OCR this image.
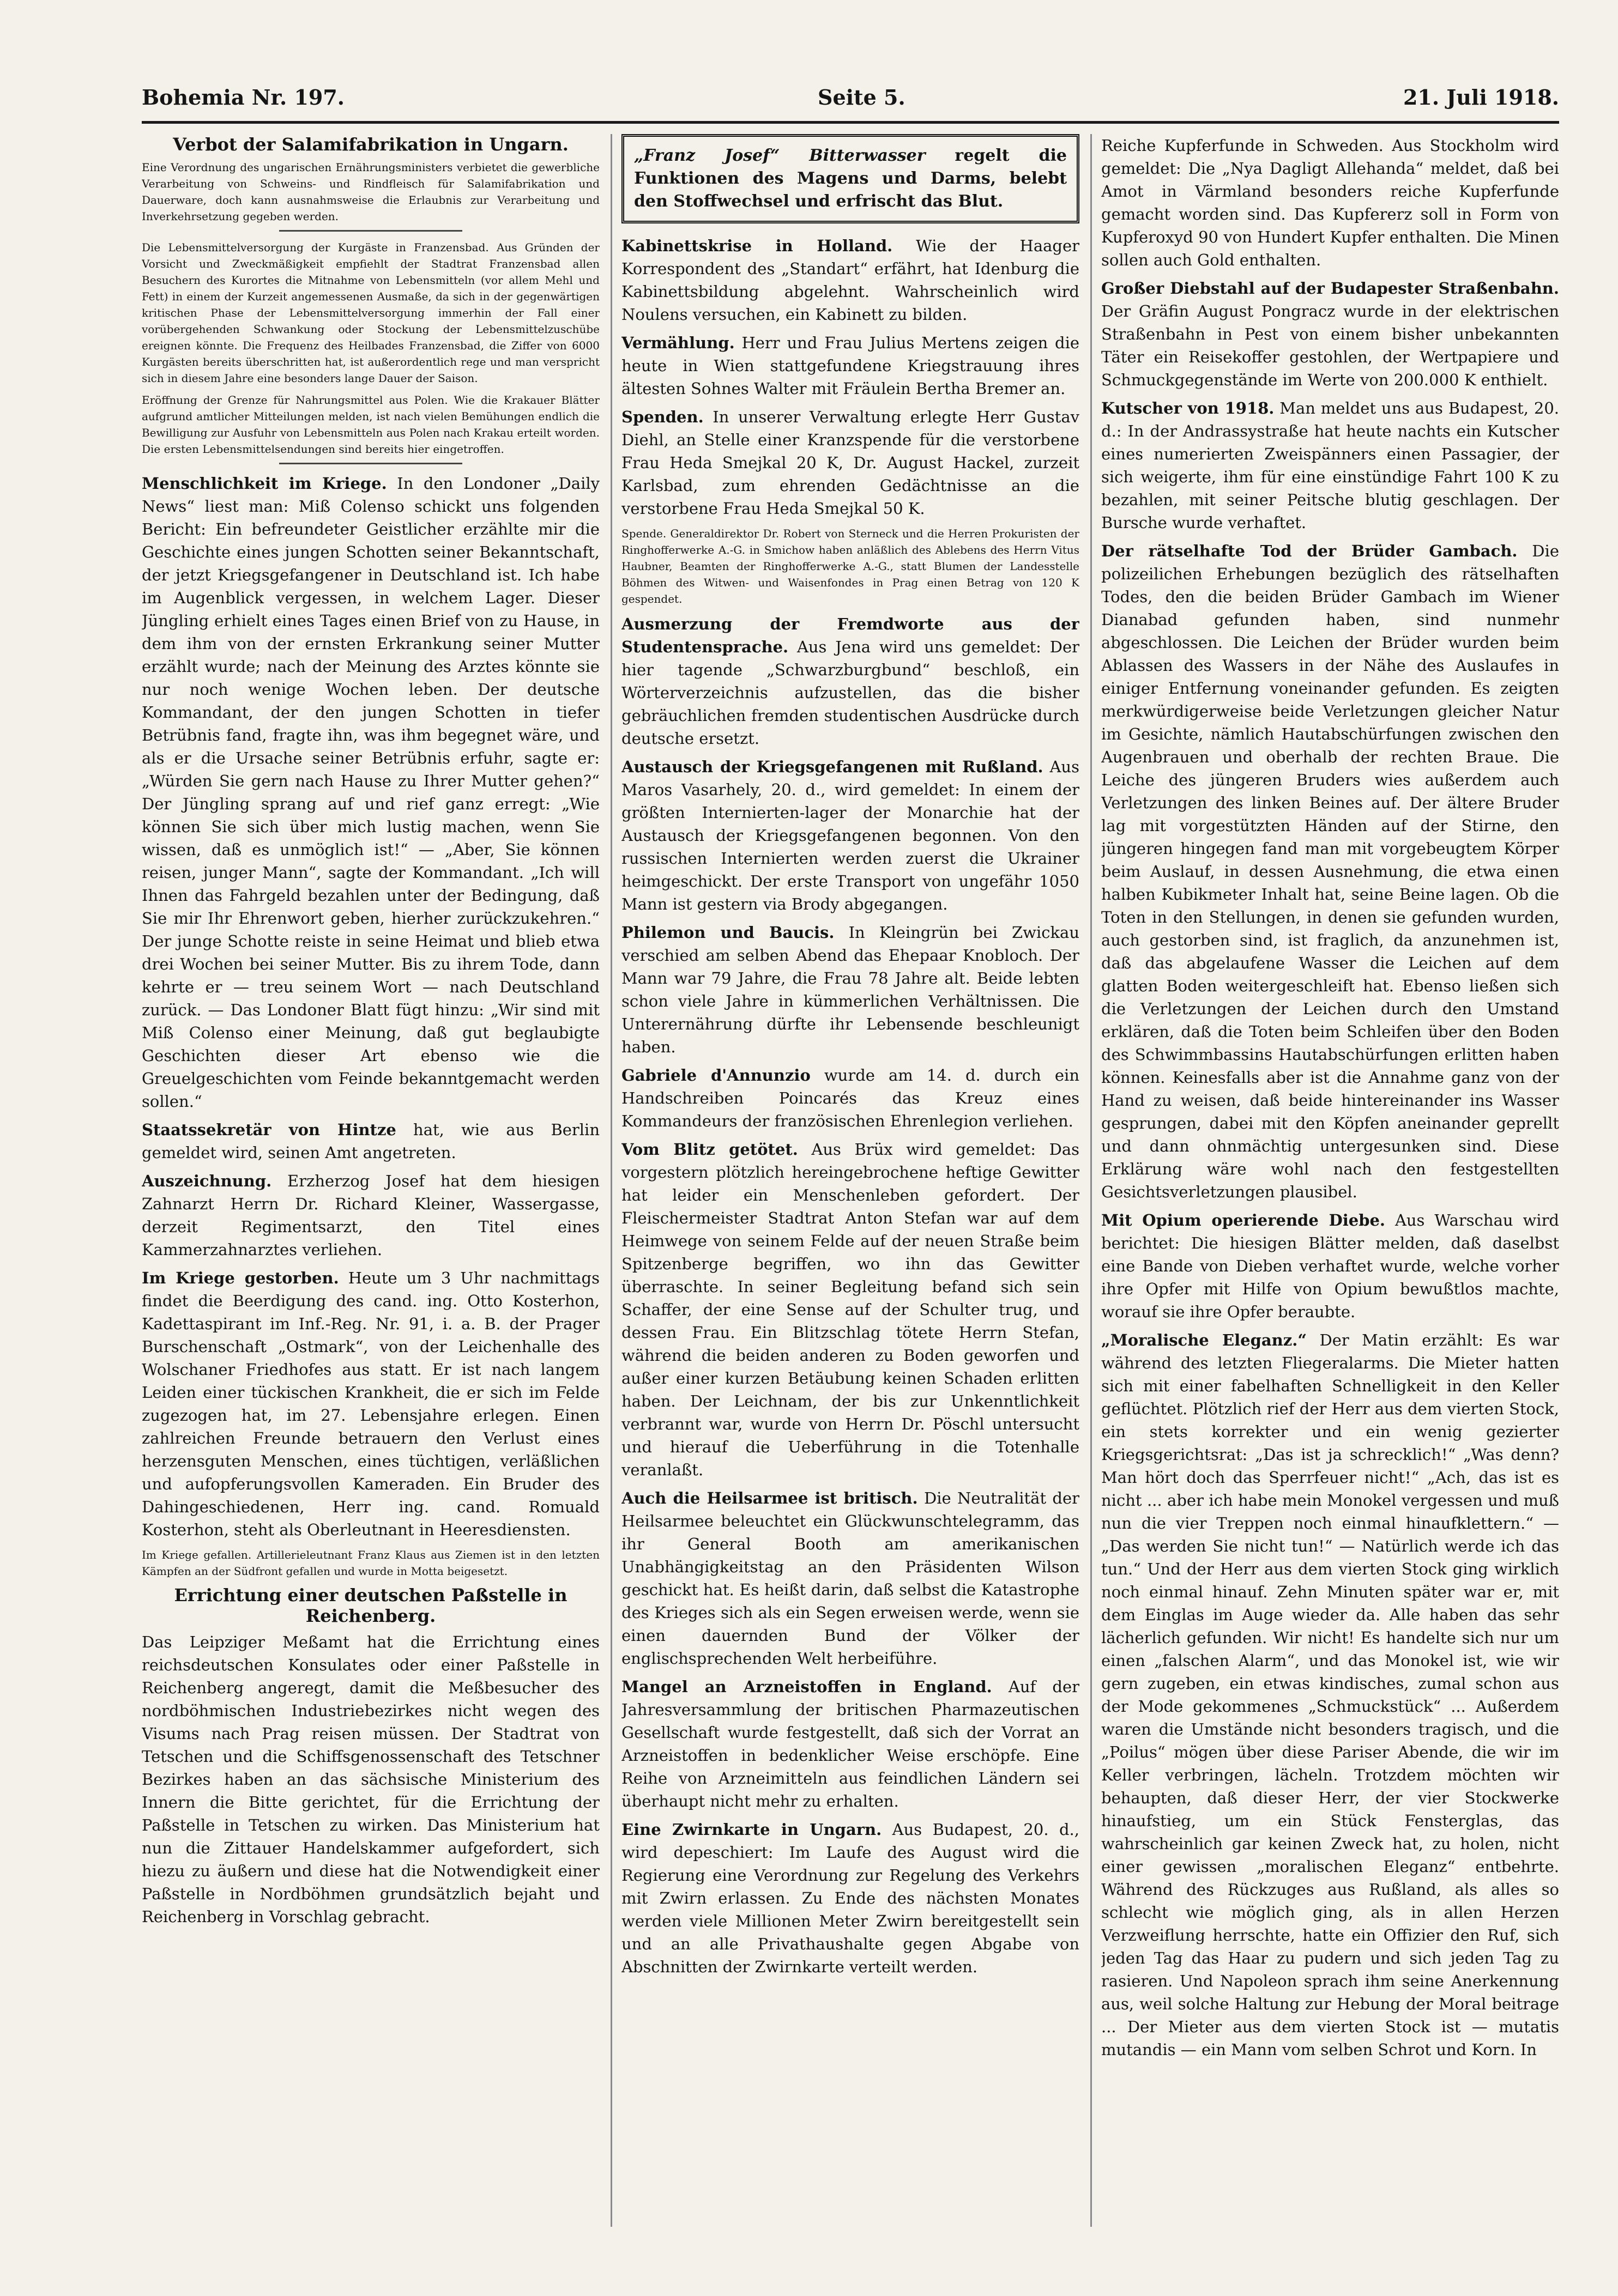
Bohemia Nr. 197.	Seite 5.	21. Juli 1918.
Verbot der Salamifabrikation in Ungarn.

Eine Verordnung des ungarischen Ernährungsministers verbietet die gewerbliche Verarbeitung von Schweins- und Rindfleisch für Salamifabrikation und Dauerware, doch kann ausnahmsweise die Erlaubnis zur Verarbeitung und Inverkehrsetzung gegeben werden.

Die Lebensmittelversorgung der Kurgäste in Franzensbad. Aus Gründen der Vorsicht und Zweckmäßigkeit empfiehlt der Stadtrat Franzensbad allen Besuchern des Kurortes die Mitnahme von Lebensmitteln (vor allem Mehl und Fett) in einem der Kurzeit angemessenen Ausmaße, da sich in der gegenwärtigen kritischen Phase der Lebensmittelversorgung immerhin der Fall einer vorübergehenden Schwankung oder Stockung der Lebensmittelzuschübe ereignen könnte. Die Frequenz des Heilbades Franzensbad, die Ziffer von 6000 Kurgästen bereits überschritten hat, ist außerordentlich rege und man verspricht sich in diesem Jahre eine besonders lange Dauer der Saison.

Eröffnung der Grenze für Nahrungsmittel aus Polen. Wie die Krakauer Blätter aufgrund amtlicher Mitteilungen melden, ist nach vielen Bemühungen endlich die Bewilligung zur Ausfuhr von Lebensmitteln aus Polen nach Krakau erteilt worden. Die ersten Lebensmittelsendungen sind bereits hier eingetroffen.

Menschlichkeit im Kriege. In den Londoner „Daily News“ liest man: Miß Colenso schickt uns folgenden Bericht: Ein befreundeter Geistlicher erzählte mir die Geschichte eines jungen Schotten seiner Bekanntschaft, der jetzt Kriegsgefangener in Deutschland ist. Ich habe im Augenblick vergessen, in welchem Lager. Dieser Jüngling erhielt eines Tages einen Brief von zu Hause, in dem ihm von der ernsten Erkrankung seiner Mutter erzählt wurde; nach der Meinung des Arztes könnte sie nur noch wenige Wochen leben. Der deutsche Kommandant, der den jungen Schotten in tiefer Betrübnis fand, fragte ihn, was ihm begegnet wäre, und als er die Ursache seiner Betrübnis erfuhr, sagte er: „Würden Sie gern nach Hause zu Ihrer Mutter gehen?“ Der Jüngling sprang auf und rief ganz erregt: „Wie können Sie sich über mich lustig machen, wenn Sie wissen, daß es unmöglich ist!“ — „Aber, Sie können reisen, junger Mann“, sagte der Kommandant. „Ich will Ihnen das Fahrgeld bezahlen unter der Bedingung, daß Sie mir Ihr Ehrenwort geben, hierher zurückzukehren.“ Der junge Schotte reiste in seine Heimat und blieb etwa drei Wochen bei seiner Mutter. Bis zu ihrem Tode, dann kehrte er — treu seinem Wort — nach Deutschland zurück. — Das Londoner Blatt fügt hinzu: „Wir sind mit Miß Colenso einer Meinung, daß gut beglaubigte Geschichten dieser Art ebenso wie die Greuelgeschichten vom Feinde bekanntgemacht werden sollen.“

Staatssekretär von Hintze hat, wie aus Berlin gemeldet wird, seinen Amt angetreten.

Auszeichnung. Erzherzog Josef hat dem hiesigen Zahnarzt Herrn Dr. Richard Kleiner, Wassergasse, derzeit Regimentsarzt, den Titel eines Kammerzahnarztes verliehen.

Im Kriege gestorben. Heute um 3 Uhr nachmittags findet die Beerdigung des cand. ing. Otto Kosterhon, Kadettaspirant im Inf.-Reg. Nr. 91, i. a. B. der Prager Burschenschaft „Ostmark“, von der Leichenhalle des Wolschaner Friedhofes aus statt. Er ist nach langem Leiden einer tückischen Krankheit, die er sich im Felde zugezogen hat, im 27. Lebensjahre erlegen. Einen zahlreichen Freunde betrauern den Verlust eines herzensguten Menschen, eines tüchtigen, verläßlichen und aufopferungsvollen Kameraden. Ein Bruder des Dahingeschiedenen, Herr ing. cand. Romuald Kosterhon, steht als Oberleutnant in Heeresdiensten.

Im Kriege gefallen. Artillerieleutnant Franz Klaus aus Ziemen ist in den letzten Kämpfen an der Südfront gefallen und wurde in Motta beigesetzt.

Errichtung einer deutschen Paßstelle in Reichenberg.

Das Leipziger Meßamt hat die Errichtung eines reichsdeutschen Konsulates oder einer Paßstelle in Reichenberg angeregt, damit die Meßbesucher des nordböhmischen Industriebezirkes nicht wegen des Visums nach Prag reisen müssen. Der Stadtrat von Tetschen und die Schiffsgenossenschaft des Tetschner Bezirkes haben an das sächsische Ministerium des Innern die Bitte gerichtet, für die Errichtung der Paßstelle in Tetschen zu wirken. Das Ministerium hat nun die Zittauer Handelskammer aufgefordert, sich hiezu zu äußern und diese hat die Notwendigkeit einer Paßstelle in Nordböhmen grundsätzlich bejaht und Reichenberg in Vorschlag gebracht.

„Franz Josef“ Bitterwasser regelt die Funktionen des Magens und Darms, belebt den Stoffwechsel und erfrischt das Blut.

Kabinettskrise in Holland. Wie der Haager Korrespondent des „Standart“ erfährt, hat Idenburg die Kabinettsbildung abgelehnt. Wahrscheinlich wird Noulens versuchen, ein Kabinett zu bilden.

Vermählung. Herr und Frau Julius Mertens zeigen die heute in Wien stattgefundene Kriegstrauung ihres ältesten Sohnes Walter mit Fräulein Bertha Bremer an.

Spenden. In unserer Verwaltung erlegte Herr Gustav Diehl, an Stelle einer Kranzspende für die verstorbene Frau Heda Smejkal 20 K, Dr. August Hackel, zurzeit Karlsbad, zum ehrenden Gedächtnisse an die verstorbene Frau Heda Smejkal 50 K.

Spende. Generaldirektor Dr. Robert von Sterneck und die Herren Prokuristen der Ringhofferwerke A.-G. in Smichow haben anläßlich des Ablebens des Herrn Vitus Haubner, Beamten der Ringhofferwerke A.-G., statt Blumen der Landesstelle Böhmen des Witwen- und Waisenfondes in Prag einen Betrag von 120 K gespendet.

Ausmerzung der Fremdworte aus der Studentensprache. Aus Jena wird uns gemeldet: Der hier tagende „Schwarzburgbund“ beschloß, ein Wörterverzeichnis aufzustellen, das die bisher gebräuchlichen fremden studentischen Ausdrücke durch deutsche ersetzt.

Austausch der Kriegsgefangenen mit Rußland. Aus Maros Vasarhely, 20. d., wird gemeldet: In einem der größten Internierten-lager der Monarchie hat der Austausch der Kriegsgefangenen begonnen. Von den russischen Internierten werden zuerst die Ukrainer heimgeschickt. Der erste Transport von ungefähr 1050 Mann ist gestern via Brody abgegangen.

Philemon und Baucis. In Kleingrün bei Zwickau verschied am selben Abend das Ehepaar Knobloch. Der Mann war 79 Jahre, die Frau 78 Jahre alt. Beide lebten schon viele Jahre in kümmerlichen Verhältnissen. Die Unterernährung dürfte ihr Lebensende beschleunigt haben.

Gabriele d'Annunzio wurde am 14. d. durch ein Handschreiben Poincarés das Kreuz eines Kommandeurs der französischen Ehrenlegion verliehen.

Vom Blitz getötet. Aus Brüx wird gemeldet: Das vorgestern plötzlich hereingebrochene heftige Gewitter hat leider ein Menschenleben gefordert. Der Fleischermeister Stadtrat Anton Stefan war auf dem Heimwege von seinem Felde auf der neuen Straße beim Spitzenberge begriffen, wo ihn das Gewitter überraschte. In seiner Begleitung befand sich sein Schaffer, der eine Sense auf der Schulter trug, und dessen Frau. Ein Blitzschlag tötete Herrn Stefan, während die beiden anderen zu Boden geworfen und außer einer kurzen Betäubung keinen Schaden erlitten haben. Der Leichnam, der bis zur Unkenntlichkeit verbrannt war, wurde von Herrn Dr. Pöschl untersucht und hierauf die Ueberführung in die Totenhalle veranlaßt.

Auch die Heilsarmee ist britisch. Die Neutralität der Heilsarmee beleuchtet ein Glückwunschtelegramm, das ihr General Booth am amerikanischen Unabhängigkeitstag an den Präsidenten Wilson geschickt hat. Es heißt darin, daß selbst die Katastrophe des Krieges sich als ein Segen erweisen werde, wenn sie einen dauernden Bund der Völker der englischsprechenden Welt herbeiführe.

Mangel an Arzneistoffen in England. Auf der Jahresversammlung der britischen Pharmazeutischen Gesellschaft wurde festgestellt, daß sich der Vorrat an Arzneistoffen in bedenklicher Weise erschöpfe. Eine Reihe von Arzneimitteln aus feindlichen Ländern sei überhaupt nicht mehr zu erhalten.

Eine Zwirnkarte in Ungarn. Aus Budapest, 20. d., wird depeschiert: Im Laufe des August wird die Regierung eine Verordnung zur Regelung des Verkehrs mit Zwirn erlassen. Zu Ende des nächsten Monates werden viele Millionen Meter Zwirn bereitgestellt sein und an alle Privathaushalte gegen Abgabe von Abschnitten der Zwirnkarte verteilt werden.

Reiche Kupferfunde in Schweden. Aus Stockholm wird gemeldet: Die „Nya Dagligt Allehanda“ meldet, daß bei Amot in Värmland besonders reiche Kupferfunde gemacht worden sind. Das Kupfererz soll in Form von Kupferoxyd 90 von Hundert Kupfer enthalten. Die Minen sollen auch Gold enthalten.

Großer Diebstahl auf der Budapester Straßenbahn. Der Gräfin August Pongracz wurde in der elektrischen Straßenbahn in Pest von einem bisher unbekannten Täter ein Reisekoffer gestohlen, der Wertpapiere und Schmuckgegenstände im Werte von 200.000 K enthielt.

Kutscher von 1918. Man meldet uns aus Budapest, 20. d.: In der Andrassystraße hat heute nachts ein Kutscher eines numerierten Zweispänners einen Passagier, der sich weigerte, ihm für eine einstündige Fahrt 100 K zu bezahlen, mit seiner Peitsche blutig geschlagen. Der Bursche wurde verhaftet.

Der rätselhafte Tod der Brüder Gambach. Die polizeilichen Erhebungen bezüglich des rätselhaften Todes, den die beiden Brüder Gambach im Wiener Dianabad gefunden haben, sind nunmehr abgeschlossen. Die Leichen der Brüder wurden beim Ablassen des Wassers in der Nähe des Auslaufes in einiger Entfernung voneinander gefunden. Es zeigten merkwürdigerweise beide Verletzungen gleicher Natur im Gesichte, nämlich Hautabschürfungen zwischen den Augenbrauen und oberhalb der rechten Braue. Die Leiche des jüngeren Bruders wies außerdem auch Verletzungen des linken Beines auf. Der ältere Bruder lag mit vorgestützten Händen auf der Stirne, den jüngeren hingegen fand man mit vorgebeugtem Körper beim Auslauf, in dessen Ausnehmung, die etwa einen halben Kubikmeter Inhalt hat, seine Beine lagen. Ob die Toten in den Stellungen, in denen sie gefunden wurden, auch gestorben sind, ist fraglich, da anzunehmen ist, daß das abgelaufene Wasser die Leichen auf dem glatten Boden weitergeschleift hat. Ebenso ließen sich die Verletzungen der Leichen durch den Umstand erklären, daß die Toten beim Schleifen über den Boden des Schwimmbassins Hautabschürfungen erlitten haben können. Keinesfalls aber ist die Annahme ganz von der Hand zu weisen, daß beide hintereinander ins Wasser gesprungen, dabei mit den Köpfen aneinander geprellt und dann ohnmächtig untergesunken sind. Diese Erklärung wäre wohl nach den festgestellten Gesichtsverletzungen plausibel.

Mit Opium operierende Diebe. Aus Warschau wird berichtet: Die hiesigen Blätter melden, daß daselbst eine Bande von Dieben verhaftet wurde, welche vorher ihre Opfer mit Hilfe von Opium bewußtlos machte, worauf sie ihre Opfer beraubte.

„Moralische Eleganz.“ Der Matin erzählt: Es war während des letzten Fliegeralarms. Die Mieter hatten sich mit einer fabelhaften Schnelligkeit in den Keller geflüchtet. Plötzlich rief der Herr aus dem vierten Stock, ein stets korrekter und ein wenig gezierter Kriegsgerichtsrat: „Das ist ja schrecklich!“ „Was denn? Man hört doch das Sperrfeuer nicht!“ „Ach, das ist es nicht ... aber ich habe mein Monokel vergessen und muß nun die vier Treppen noch einmal hinaufklettern.“ — „Das werden Sie nicht tun!“ — Natürlich werde ich das tun.“ Und der Herr aus dem vierten Stock ging wirklich noch einmal hinauf. Zehn Minuten später war er, mit dem Einglas im Auge wieder da. Alle haben das sehr lächerlich gefunden. Wir nicht! Es handelte sich nur um einen „falschen Alarm“, und das Monokel ist, wie wir gern zugeben, ein etwas kindisches, zumal schon aus der Mode gekommenes „Schmuckstück“ ... Außerdem waren die Umstände nicht besonders tragisch, und die „Poilus“ mögen über diese Pariser Abende, die wir im Keller verbringen, lächeln. Trotzdem möchten wir behaupten, daß dieser Herr, der vier Stockwerke hinaufstieg, um ein Stück Fensterglas, das wahrscheinlich gar keinen Zweck hat, zu holen, nicht einer gewissen „moralischen Eleganz“ entbehrte. Während des Rückzuges aus Rußland, als alles so schlecht wie möglich ging, als in allen Herzen Verzweiflung herrschte, hatte ein Offizier den Ruf, sich jeden Tag das Haar zu pudern und sich jeden Tag zu rasieren. Und Napoleon sprach ihm seine Anerkennung aus, weil solche Haltung zur Hebung der Moral beitrage ... Der Mieter aus dem vierten Stock ist — mutatis mutandis — ein Mann vom selben Schrot und Korn. In
